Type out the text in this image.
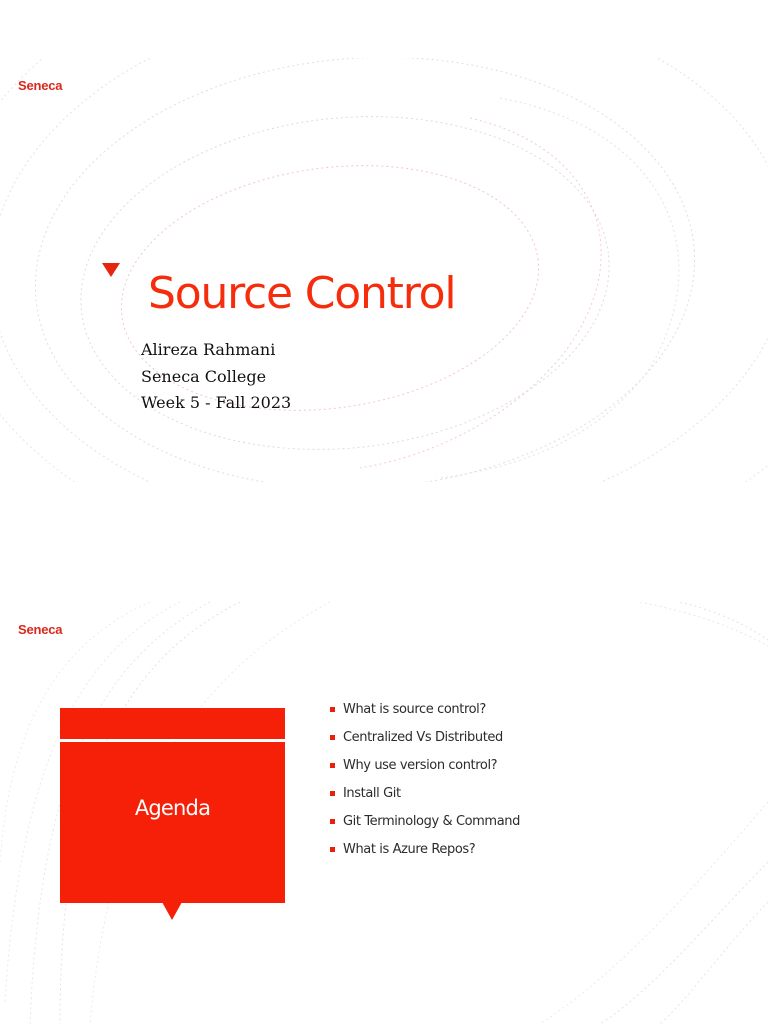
Seneca
Source Control
Alireza Rahmani
Seneca College
Week 5 - Fall 2023
Seneca
Agenda
What is source control?
Centralized Vs Distributed
Why use version control?
Install Git
Git Terminology & Command
What is Azure Repos?
